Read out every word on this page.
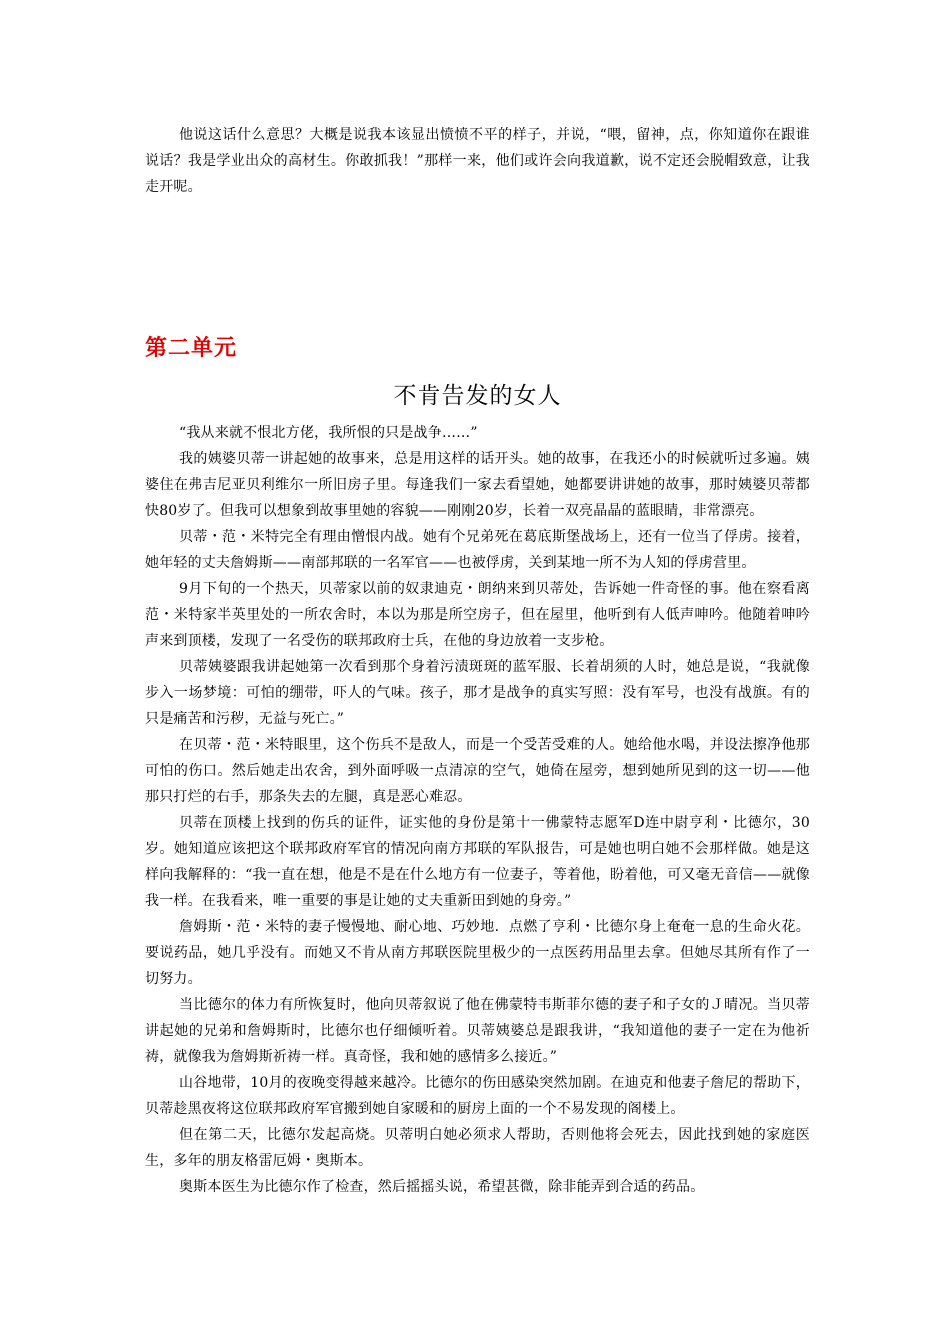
他说这话什么意思？大概是说我本该显出愤愤不平的样子，并说，“喂，留神，点，你知道你在跟谁说话？我是学业出众的高材生。你敢抓我！”那样一来，他们或许会向我道歉，说不定还会脱帽致意，让我走开呢。

第二单元
不肯告发的女人

“我从来就不恨北方佬，我所恨的只是战争……”

我的姨婆贝蒂一讲起她的故事来，总是用这样的话开头。她的故事，在我还小的时候就听过多遍。姨婆住在弗吉尼亚贝利维尔一所旧房子里。每逢我们一家去看望她，她都要讲讲她的故事，那时姨婆贝蒂都快80岁了。但我可以想象到故事里她的容貌——刚刚20岁，长着一双亮晶晶的蓝眼睛，非常漂亮。

贝蒂・范・米特完全有理由憎恨内战。她有个兄弟死在葛底斯堡战场上，还有一位当了俘虏。接着，她年轻的丈夫詹姆斯——南部邦联的一名军官——也被俘虏，关到某地一所不为人知的俘虏营里。

9月下旬的一个热天，贝蒂家以前的奴隶迪克・朗纳来到贝蒂处，告诉她一件奇怪的事。他在察看离范・米特家半英里处的一所农舍时，本以为那是所空房子，但在屋里，他听到有人低声呻吟。他随着呻吟声来到顶楼，发现了一名受伤的联邦政府士兵，在他的身边放着一支步枪。

贝蒂姨婆跟我讲起她第一次看到那个身着污渍斑斑的蓝军服、长着胡须的人时，她总是说，“我就像步入一场梦境：可怕的绷带，吓人的气味。孩子，那才是战争的真实写照：没有军号，也没有战旗。有的只是痛苦和污秽，无益与死亡。”

在贝蒂・范・米特眼里，这个伤兵不是敌人，而是一个受苦受难的人。她给他水喝，并设法擦净他那可怕的伤口。然后她走出农舍，到外面呼吸一点清凉的空气，她倚在屋旁，想到她所见到的这一切——他那只打烂的右手，那条失去的左腿，真是恶心难忍。

贝蒂在顶楼上找到的伤兵的证件，证实他的身份是第十一佛蒙特志愿军D连中尉亨利・比德尔，30岁。她知道应该把这个联邦政府军官的情况向南方邦联的军队报告，可是她也明白她不会那样做。她是这样向我解释的：“我一直在想，他是不是在什么地方有一位妻子，等着他，盼着他，可又毫无音信——就像我一样。在我看来，唯一重要的事是让她的丈夫重新田到她的身旁。”

詹姆斯・范・米特的妻子慢慢地、耐心地、巧妙地．点燃了亨利・比德尔身上奄奄一息的生命火花。要说药品，她几乎没有。而她又不肯从南方邦联医院里极少的一点医药用品里去拿。但她尽其所有作了一切努力。

当比德尔的体力有所恢复时，他向贝蒂叙说了他在佛蒙特韦斯菲尔德的妻子和子女的Ｊ晴况。当贝蒂讲起她的兄弟和詹姆斯时，比德尔也仔细倾听着。贝蒂姨婆总是跟我讲，“我知道他的妻子一定在为他祈祷，就像我为詹姆斯祈祷一样。真奇怪，我和她的感情多么接近。”

山谷地带，10月的夜晚变得越来越冷。比德尔的伤田感染突然加剧。在迪克和他妻子詹尼的帮助下，贝蒂趁黑夜将这位联邦政府军官搬到她自家暖和的厨房上面的一个不易发现的阁楼上。

但在第二天，比德尔发起高烧。贝蒂明白她必须求人帮助，否则他将会死去，因此找到她的家庭医生，多年的朋友格雷厄姆・奥斯本。

奥斯本医生为比德尔作了检查，然后摇摇头说，希望甚微，除非能弄到合适的药品。
